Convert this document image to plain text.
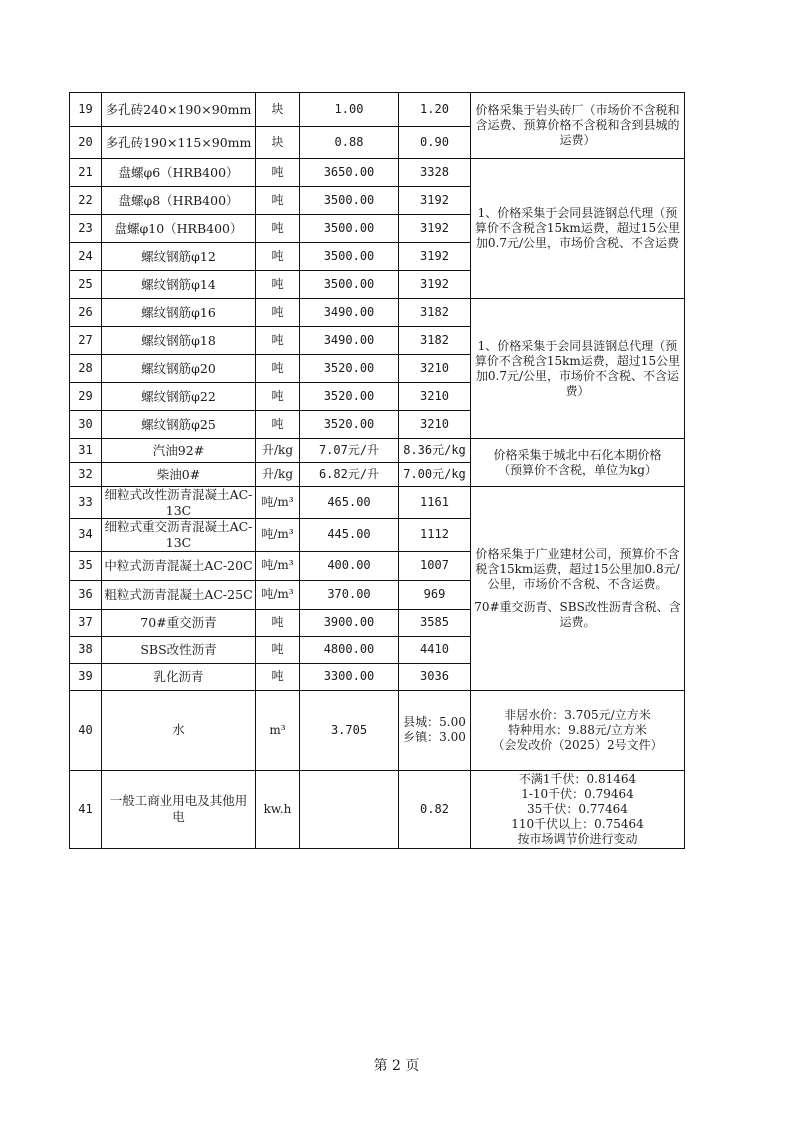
19	多孔砖240×190×90mm	块	1.00	1.20	价格采集于岩头砖厂（市场价不含税和含运费、预算价格不含税和含到县城的运费）

20	多孔砖190×115×90mm	块	0.88	0.90	
21	盘螺φ6（HRB400）	吨	3650.00	3328	1、价格采集于会同县涟钢总代理（预算价不含税含15km运费，超过15公里加0.7元/公里，市场价含税、不含运费

22	盘螺φ8（HRB400）	吨	3500.00	3192	
23	盘螺φ10（HRB400）	吨	3500.00	3192	
24	螺纹钢筋φ12	吨	3500.00	3192	
25	螺纹钢筋φ14	吨	3500.00	3192	
26	螺纹钢筋φ16	吨	3490.00	3182	1、价格采集于会同县涟钢总代理（预算价不含税含15km运费，超过15公里加0.7元/公里，市场价不含税、不含运费）

27	螺纹钢筋φ18	吨	3490.00	3182	
28	螺纹钢筋φ20	吨	3520.00	3210	
29	螺纹钢筋φ22	吨	3520.00	3210	
30	螺纹钢筋φ25	吨	3520.00	3210	
31	汽油92#	升/kg	7.07元/升	8.36元/kg	价格采集于城北中石化本期价格
（预算价不含税，单位为kg）

32	柴油0#	升/kg	6.82元/升	7.00元/kg	
33	细粒式改性沥青混凝土AC-13C	吨/m³	465.00	1161	价格采集于广业建材公司，预算价不含税含15km运费，超过15公里加0.8元/公里，市场价不含税、不含运费。
70#重交沥青、SBS改性沥青含税、含运费。

34	细粒式重交沥青混凝土AC-13C	吨/m³	445.00	1112	
35	中粒式沥青混凝土AC-20C	吨/m³	400.00	1007	
36	粗粒式沥青混凝土AC-25C	吨/m³	370.00	969	
37	70#重交沥青	吨	3900.00	3585	
38	SBS改性沥青	吨	4800.00	4410	
39	乳化沥青	吨	3300.00	3036	
40	水	m³	3.705	县城：5.00
乡镇：3.00	非居水价：3.705元/立方米
特种用水：9.88元/立方米
（会发改价（2025）2号文件）

41	一般工商业用电及其他用电	kw.h		0.82	不满1千伏：0.81464
1-10千伏：0.79464
35千伏：0.77464
110千伏以上：0.75464
按市场调节价进行变动
第 2 页
